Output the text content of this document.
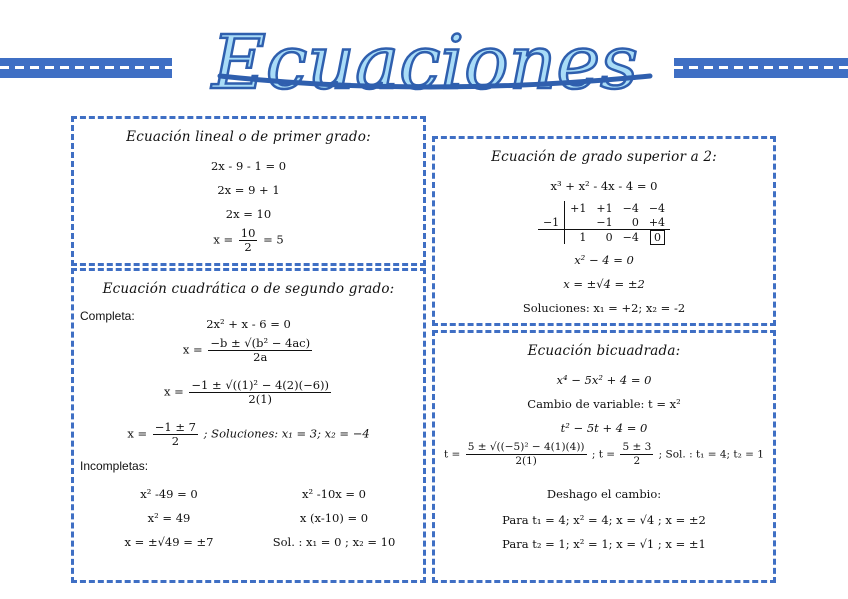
Ecuaciones
Ecuación lineal o de primer grado:
2x - 9 - 1 = 0
2x = 9 + 1
2x = 10
$x = \frac{10}{2} = 5$
Ecuación cuadrática o de segundo grado:
Completa:
2x² + x - 6 = 0
$x = \frac{\text{−b ± √(b² − 4ac)}}{2a}$
$x = \frac{\text{−1 ± √((1)² − 4(2)(−6))}}{2(1)}$
$x = \frac{-1 \pm 7}{2}$ ; Soluciones: x₁ = 3; x₂ = −4
Incompletas:
x² -49 = 0
x² = 49
x = ±√49 = ±7
x² -10x = 0
x (x-10) = 0
Sol. : x₁ = 0 ; x₂ = 10
Ecuación de grado superior a 2:
x³ + x² - 4x - 4 = 0
	+1	+1	−4	−4
−1		−1	0	+4
	1	0	−4	0
x² − 4 = 0
x = ±√4 = ±2
Soluciones: x₁ = +2; x₂ = -2
Ecuación bicuadrada:
x⁴ − 5x² + 4 = 0
Cambio de variable: t = x²
t² − 5t + 4 = 0
$t = \frac{\text{5 ± √((−5)² − 4(1)(4))}}{2(1)}$ ; $t = \frac{5 \pm 3}{2}$ ; Sol. : t₁ = 4; t₂ = 1
Deshago el cambio:
Para t₁ = 4; x² = 4; x = √4 ; x = ±2
Para t₂ = 1; x² = 1; x = √1 ; x = ±1
